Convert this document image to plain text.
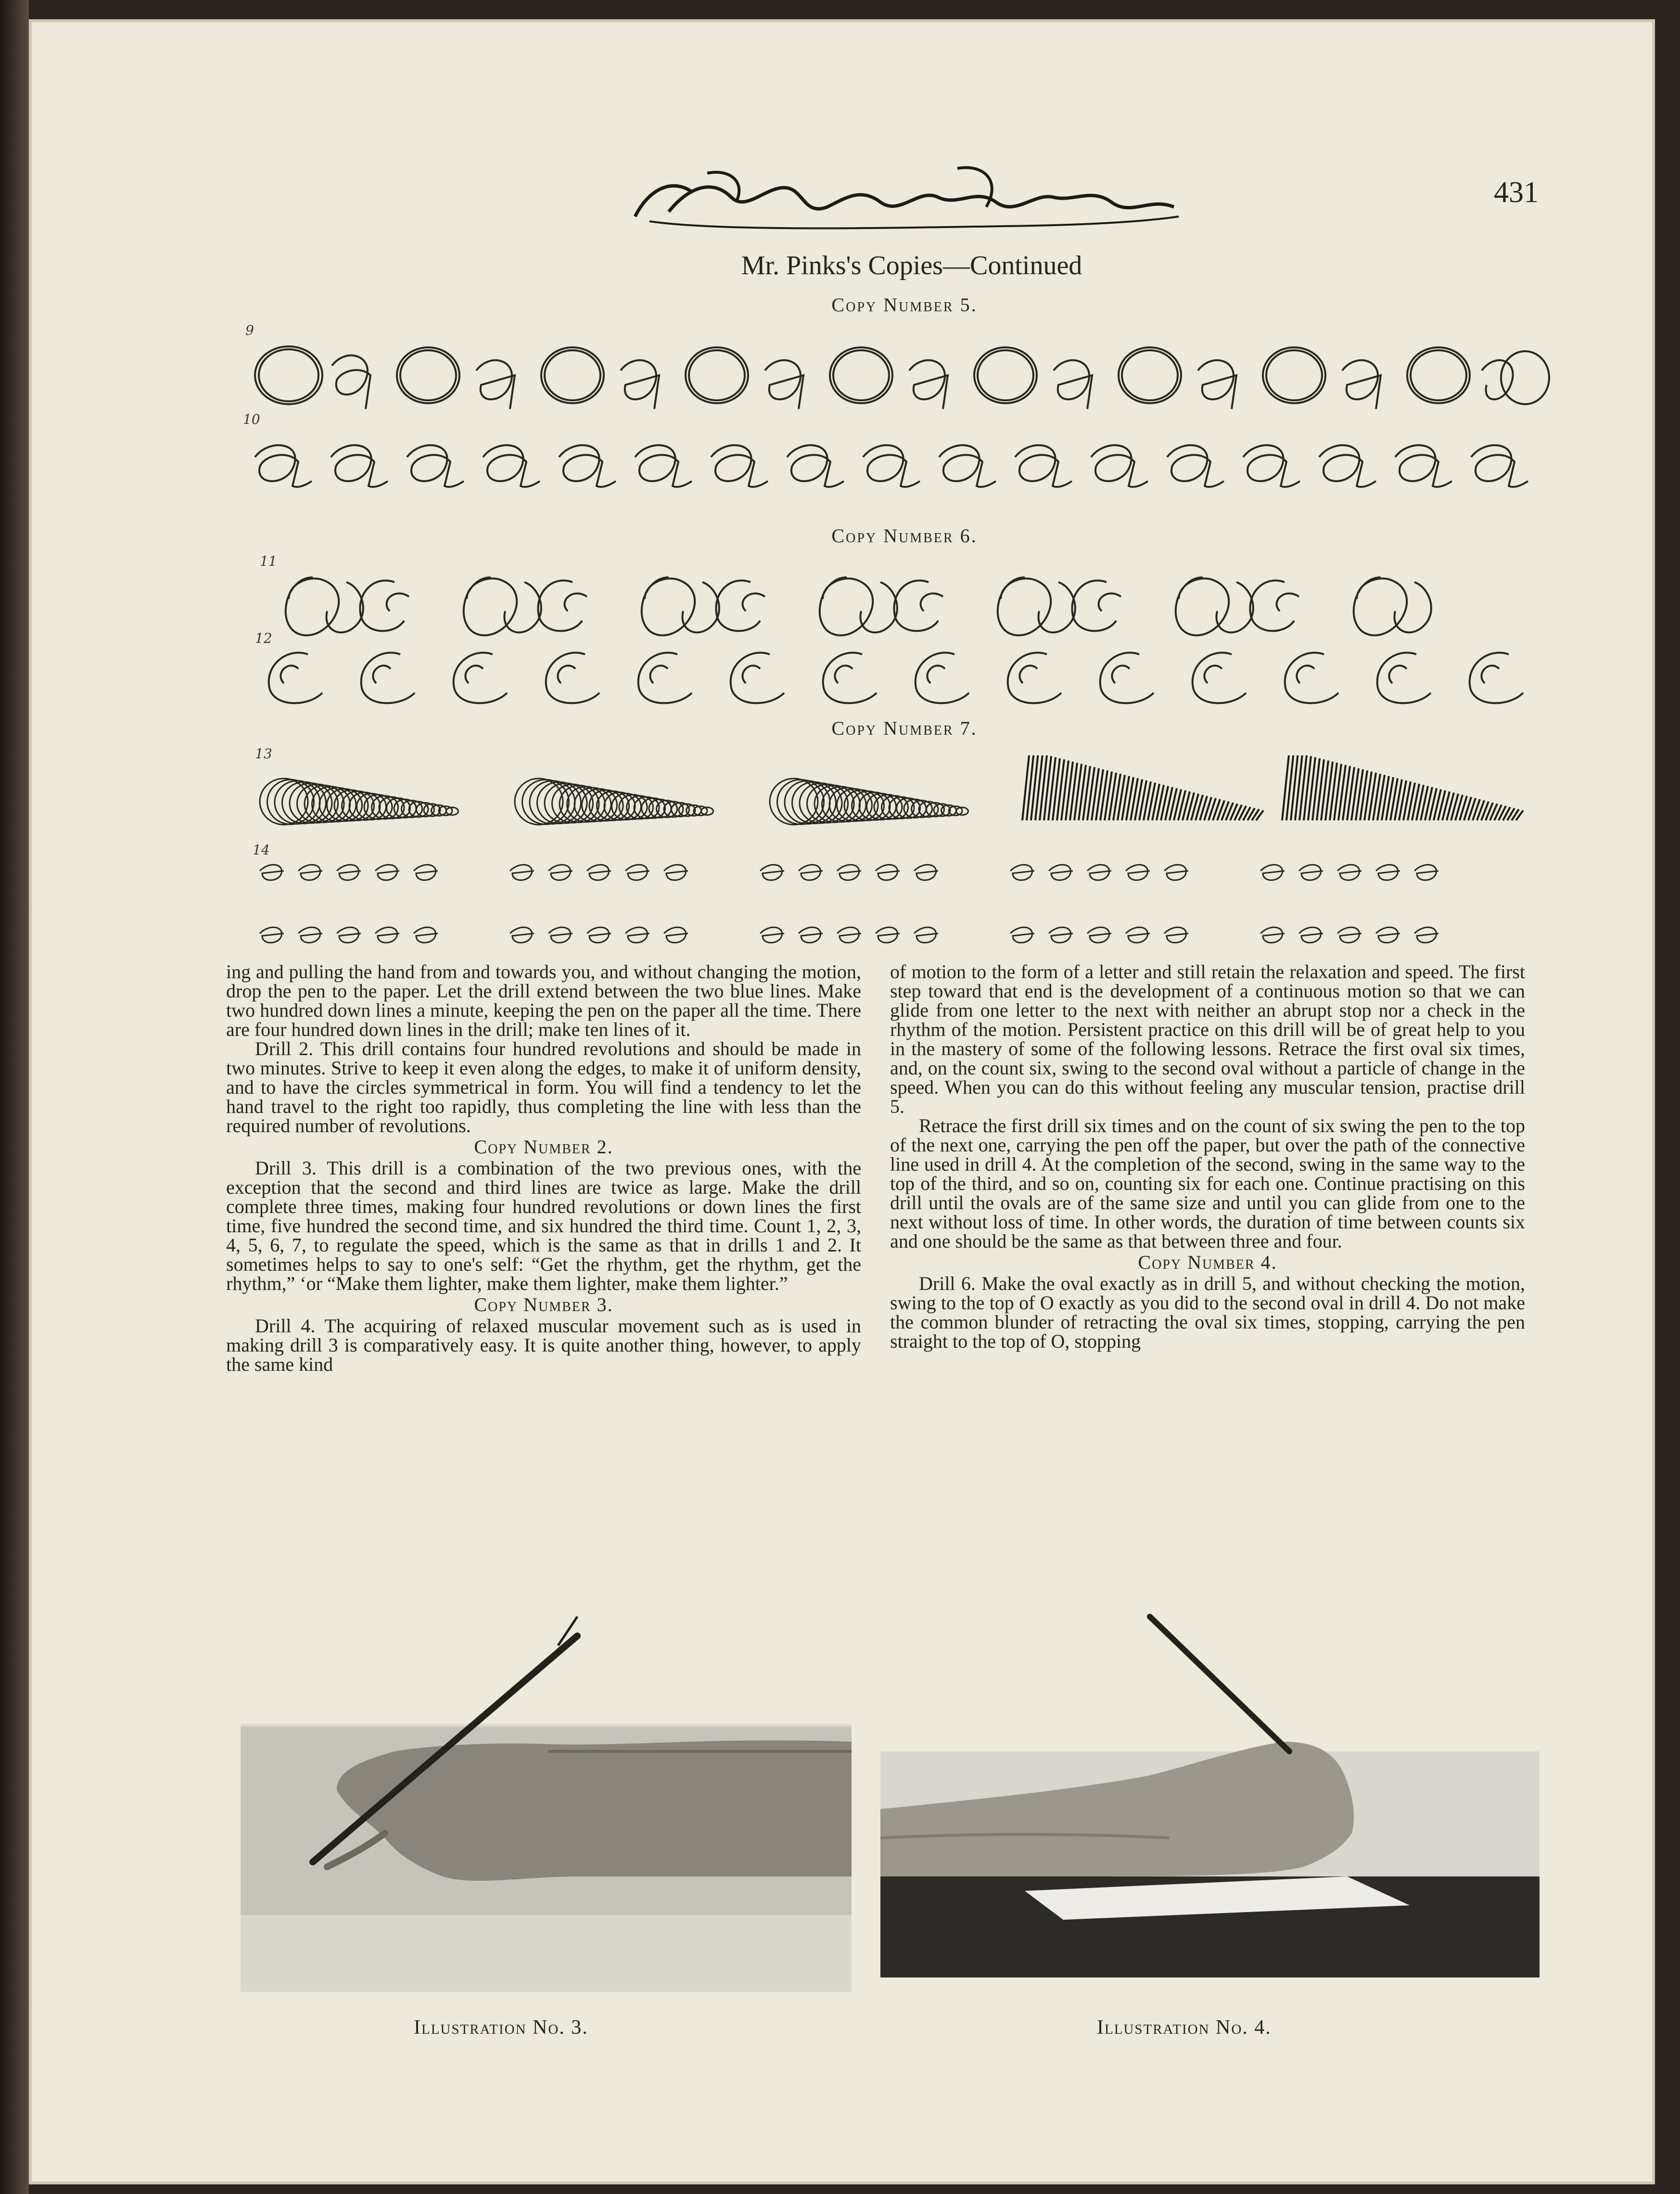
431
Mr. Pinks's Copies—Continued
Copy Number 5.
9
10
Copy Number 6.
11
12
Copy Number 7.
13
14

ing and pulling the hand from and towards you, and without changing the motion, drop the pen to the paper. Let the drill extend between the two blue lines. Make two hundred down lines a minute, keeping the pen on the paper all the time. There are four hundred down lines in the drill; make ten lines of it.

Drill 2. This drill contains four hundred revolutions and should be made in two minutes. Strive to keep it even along the edges, to make it of uniform density, and to have the circles symmetrical in form. You will find a tendency to let the hand travel to the right too rapidly, thus completing the line with less than the required number of revolutions.

Copy Number 2.

Drill 3. This drill is a combination of the two previous ones, with the exception that the second and third lines are twice as large. Make the drill complete three times, making four hundred revolutions or down lines the first time, five hundred the second time, and six hundred the third time. Count 1, 2, 3, 4, 5, 6, 7, to regulate the speed, which is the same as that in drills 1 and 2. It sometimes helps to say to one's self: “Get the rhythm, get the rhythm, get the rhythm,” ‘or “Make them lighter, make them lighter, make them lighter.”

Copy Number 3.

Drill 4. The acquiring of relaxed muscular movement such as is used in making drill 3 is comparatively easy. It is quite another thing, however, to apply the same kind

of motion to the form of a letter and still retain the relaxation and speed. The first step toward that end is the development of a continuous motion so that we can glide from one letter to the next with neither an abrupt stop nor a check in the rhythm of the motion. Persistent practice on this drill will be of great help to you in the mastery of some of the following lessons. Retrace the first oval six times, and, on the count six, swing to the second oval without a particle of change in the speed. When you can do this without feeling any muscular tension, practise drill 5.

Retrace the first drill six times and on the count of six swing the pen to the top of the next one, carrying the pen off the paper, but over the path of the connective line used in drill 4. At the completion of the second, swing in the same way to the top of the third, and so on, counting six for each one. Continue practising on this drill until the ovals are of the same size and until you can glide from one to the next without loss of time. In other words, the duration of time between counts six and one should be the same as that between three and four.

Copy Number 4.

Drill 6. Make the oval exactly as in drill 5, and without checking the motion, swing to the top of O exactly as you did to the second oval in drill 4. Do not make the common blunder of retracting the oval six times, stopping, carrying the pen straight to the top of O, stopping

Illustration No. 3.	Illustration No. 4.
